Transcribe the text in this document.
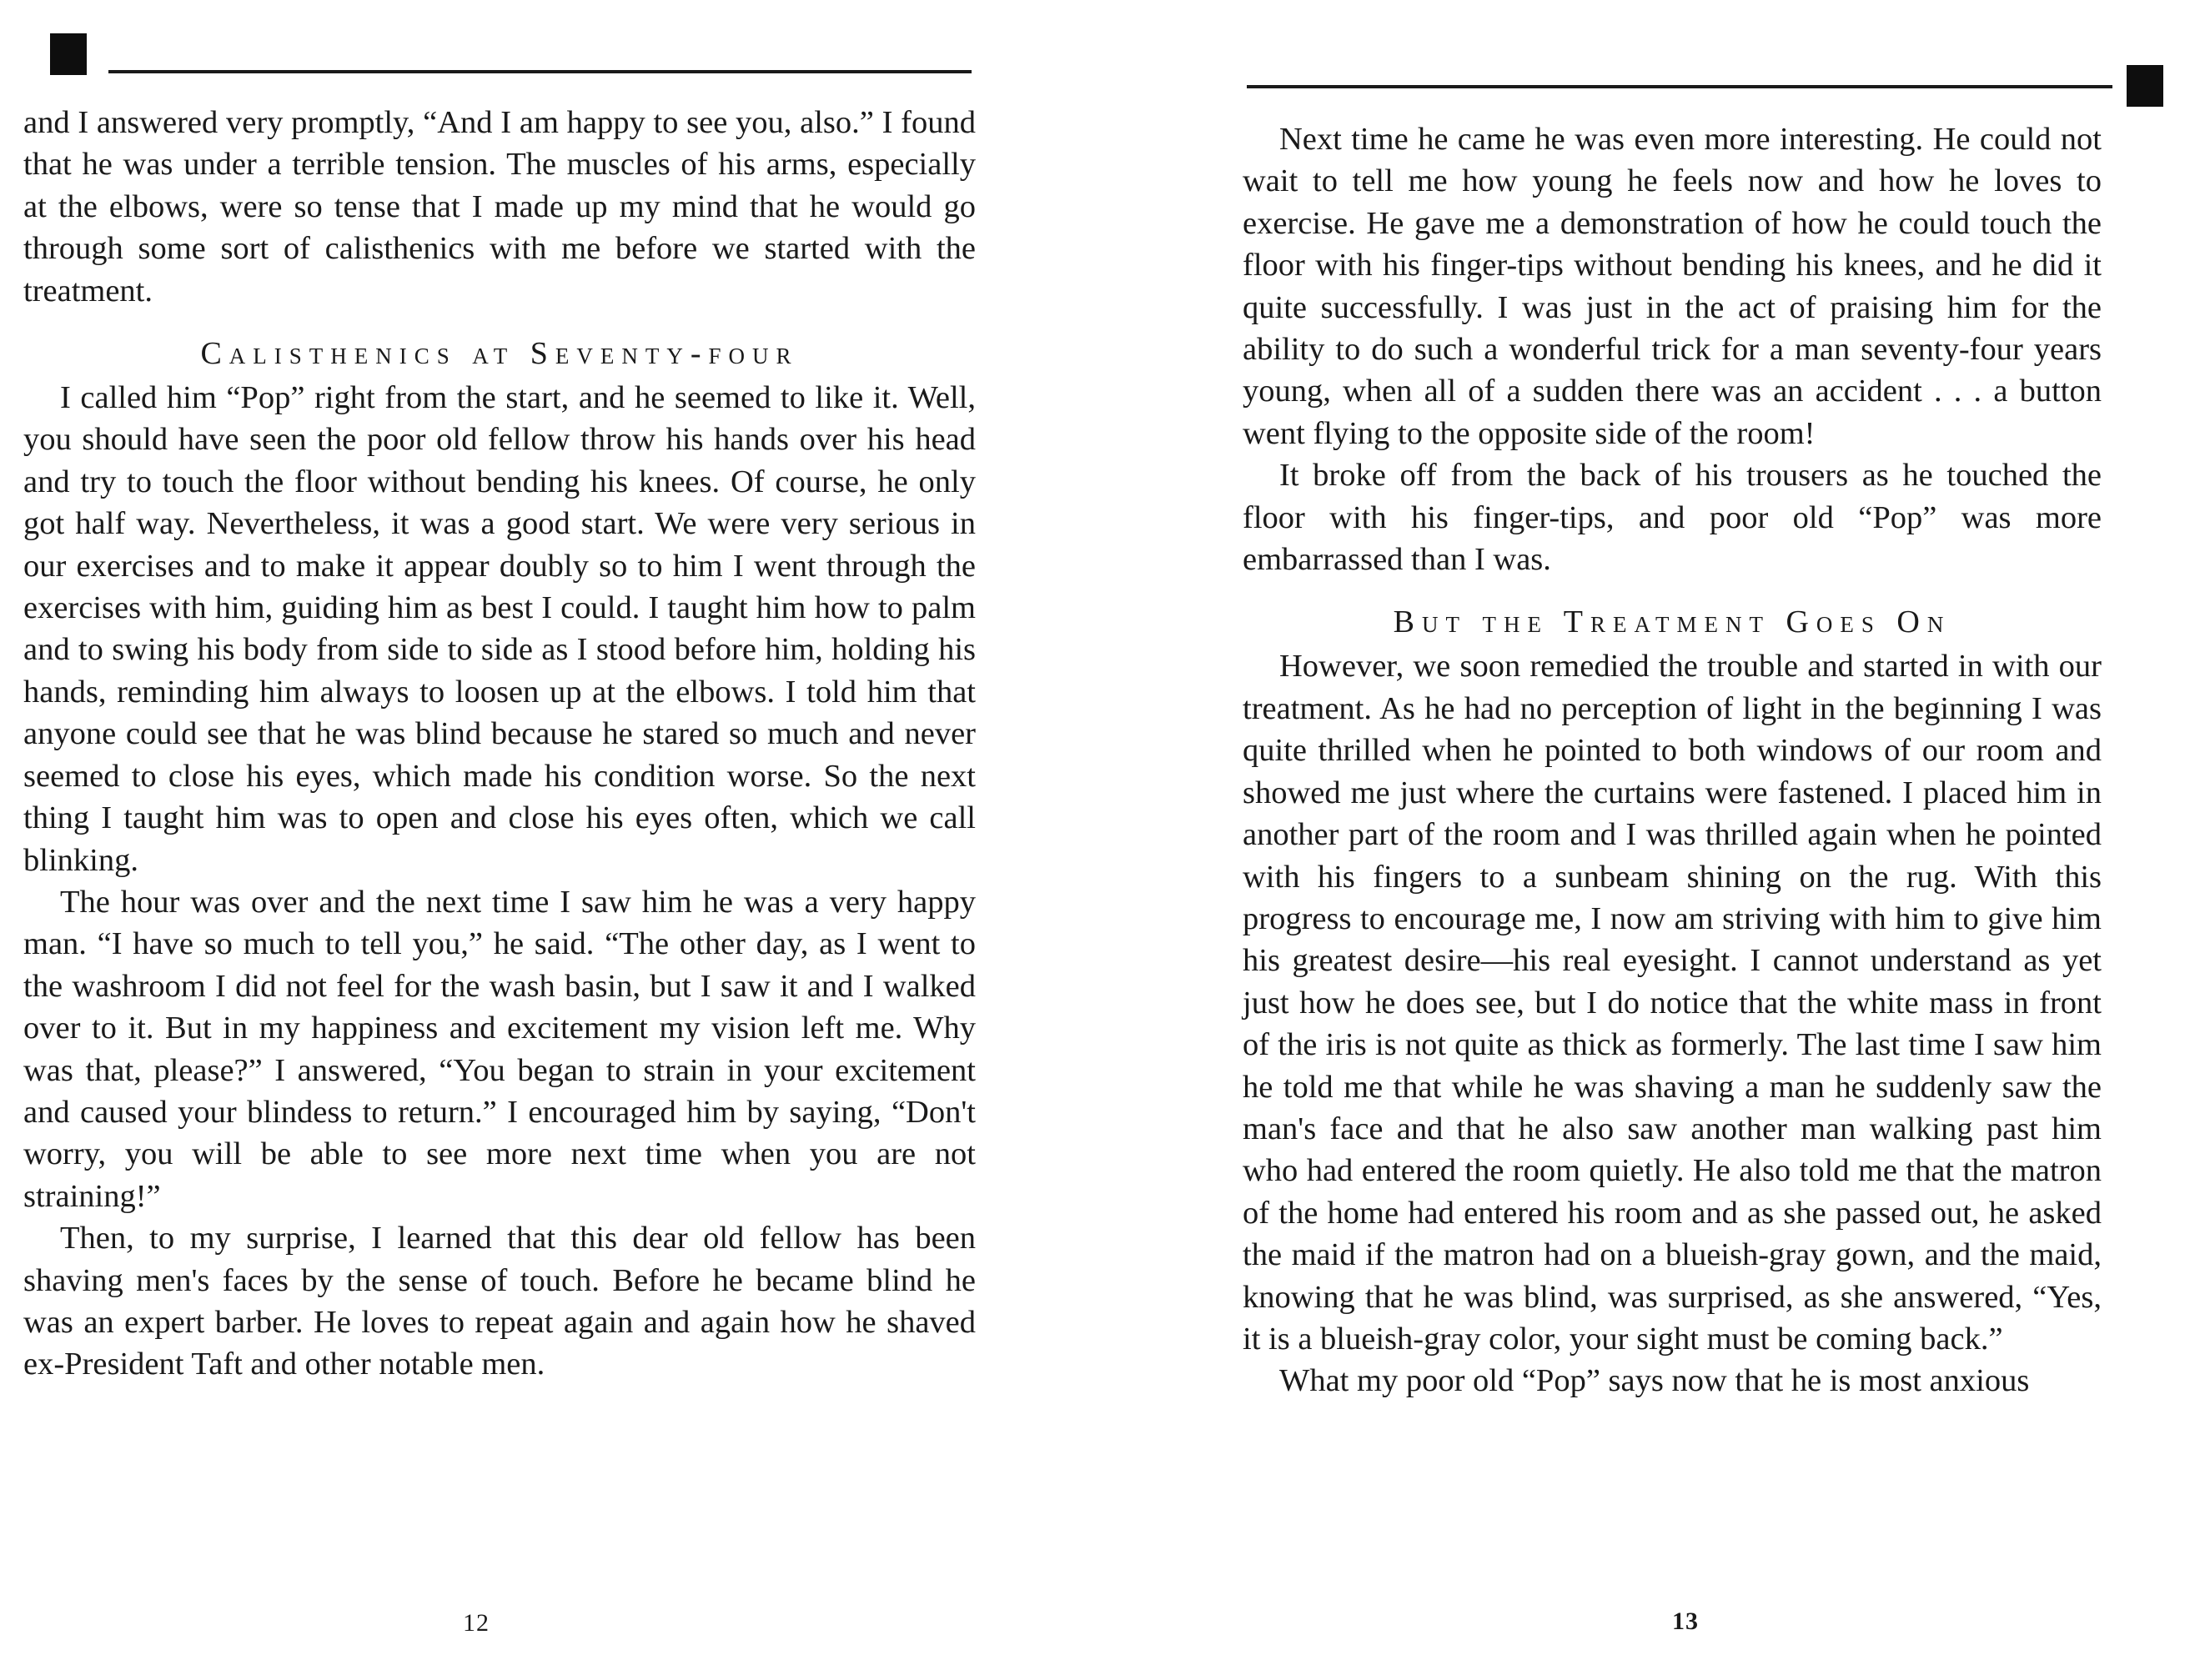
and I answered very promptly, “And I am happy to see you, also.” I found that he was under a terrible tension. The muscles of his arms, especially at the elbows, were so tense that I made up my mind that he would go through some sort of calisthenics with me before we started with the treatment.

Calisthenics at Seventy-four

I called him “Pop” right from the start, and he seemed to like it. Well, you should have seen the poor old fellow throw his hands over his head and try to touch the floor without bending his knees. Of course, he only got half way. Nevertheless, it was a good start. We were very serious in our exercises and to make it appear doubly so to him I went through the exercises with him, guiding him as best I could. I taught him how to palm and to swing his body from side to side as I stood before him, holding his hands, reminding him always to loosen up at the elbows. I told him that anyone could see that he was blind because he stared so much and never seemed to close his eyes, which made his condition worse. So the next thing I taught him was to open and close his eyes often, which we call blinking.

The hour was over and the next time I saw him he was a very happy man. “I have so much to tell you,” he said. “The other day, as I went to the washroom I did not feel for the wash basin, but I saw it and I walked over to it. But in my happiness and excitement my vision left me. Why was that, please?” I answered, “You began to strain in your excitement and caused your blindess to return.” I encouraged him by saying, “Don't worry, you will be able to see more next time when you are not straining!”

Then, to my surprise, I learned that this dear old fellow has been shaving men's faces by the sense of touch. Before he became blind he was an expert barber. He loves to repeat again and again how he shaved ex-President Taft and other notable men.

12

Next time he came he was even more interesting. He could not wait to tell me how young he feels now and how he loves to exercise. He gave me a demonstration of how he could touch the floor with his finger-tips without bending his knees, and he did it quite successfully. I was just in the act of praising him for the ability to do such a wonderful trick for a man seventy-four years young, when all of a sudden there was an accident . . . a button went flying to the opposite side of the room!

It broke off from the back of his trousers as he touched the floor with his finger-tips, and poor old “Pop” was more embarrassed than I was.

But the Treatment Goes On

However, we soon remedied the trouble and started in with our treatment. As he had no perception of light in the beginning I was quite thrilled when he pointed to both windows of our room and showed me just where the curtains were fastened. I placed him in another part of the room and I was thrilled again when he pointed with his fingers to a sunbeam shining on the rug. With this progress to encourage me, I now am striving with him to give him his greatest desire—his real eyesight. I cannot understand as yet just how he does see, but I do notice that the white mass in front of the iris is not quite as thick as formerly. The last time I saw him he told me that while he was shaving a man he suddenly saw the man's face and that he also saw another man walking past him who had entered the room quietly. He also told me that the matron of the home had entered his room and as she passed out, he asked the maid if the matron had on a blueish-gray gown, and the maid, knowing that he was blind, was surprised, as she answered, “Yes, it is a blueish-gray color, your sight must be coming back.”

What my poor old “Pop” says now that he is most anxious

13
